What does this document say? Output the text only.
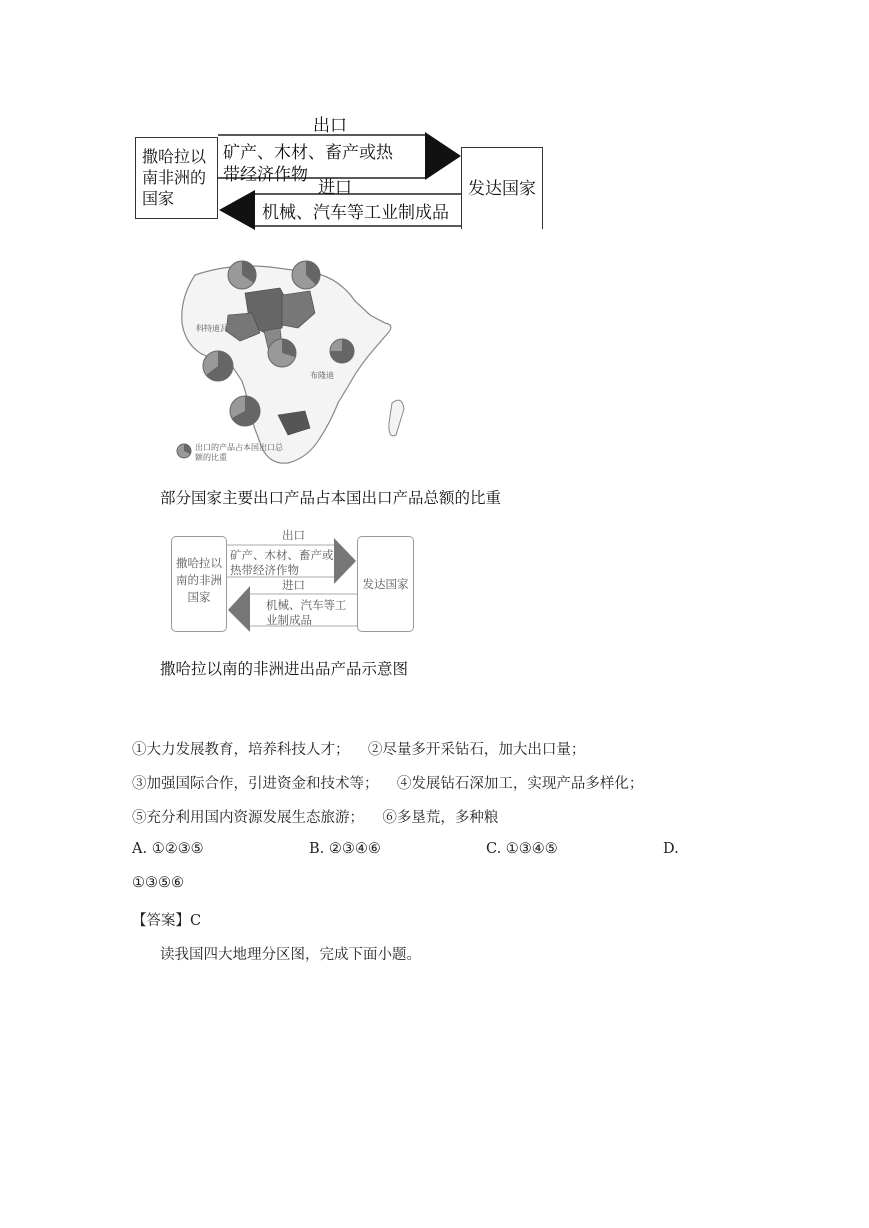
撒哈拉以南非洲的国家	发达国家
出口
矿产、木材、畜产或热带经济作物
进口
机械、汽车等工业制成品
科特迪瓦
布隆迪
出口的产品占本国出口总额的比重
部分国家主要出口产品占本国出口产品总额的比重
撒哈拉以南的非洲国家
发达国家
出口
矿产、木材、畜产或热带经济作物
进口
机械、汽车等工业制成品
撒哈拉以南的非洲进出品产品示意图
①大力发展教育，培养科技人才；    ②尽量多开采钻石，加大出口量；
③加强国际合作，引进资金和技术等；    ④发展钻石深加工，实现产品多样化；
⑤充分利用国内资源发展生态旅游；    ⑥多垦荒，多种粮
A. ①②③⑤	B. ②③④⑥	C. ①③④⑤	D.
①③⑤⑥
【答案】C
读我国四大地理分区图，完成下面小题。
